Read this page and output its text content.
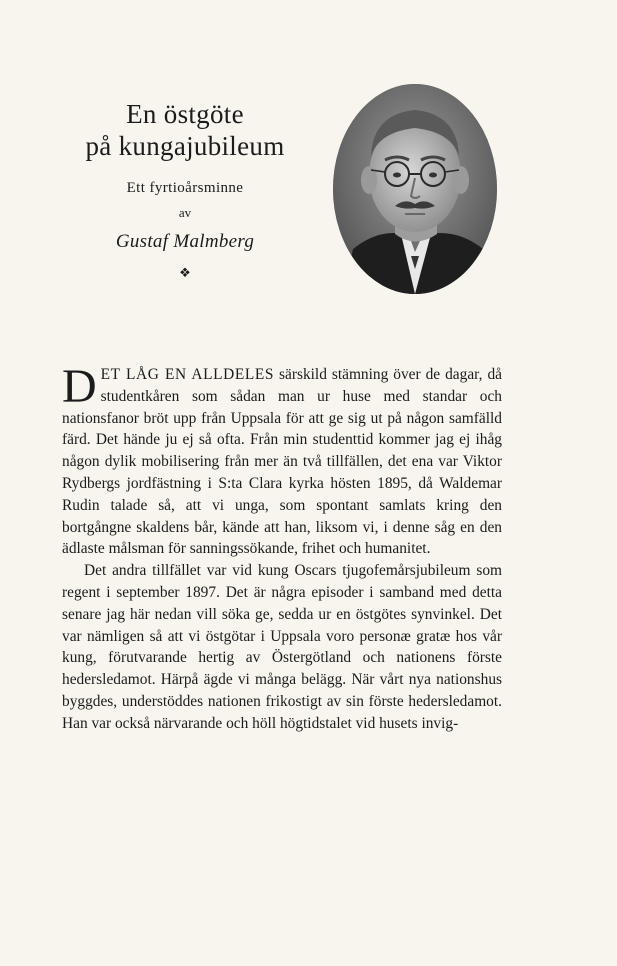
En östgöte
på kungajubileum
Ett fyrtioårsminne
av
Gustaf Malmberg
❖

DET LÅG EN ALLDELES särskild stämning över de dagar, då studentkåren som sådan man ur huse med standar och nationsfanor bröt upp från Uppsala för att ge sig ut på någon samfälld färd. Det hände ju ej så ofta. Från min studenttid kommer jag ej ihåg någon dylik mobilisering från mer än två tillfällen, det ena var Viktor Rydbergs jordfästning i S:ta Clara kyrka hösten 1895, då Waldemar Rudin talade så, att vi unga, som spontant samlats kring den bortgångne skaldens bår, kände att han, liksom vi, i denne såg en den ädlaste målsman för sanningssökande, frihet och humanitet.

Det andra tillfället var vid kung Oscars tjugofemårsjubileum som regent i september 1897. Det är några episoder i samband med detta senare jag här nedan vill söka ge, sedda ur en östgötes synvinkel. Det var nämligen så att vi östgötar i Uppsala voro personæ gratæ hos vår kung, förutvarande hertig av Östergötland och nationens förste hedersledamot. Härpå ägde vi många belägg. När vårt nya nationshus byggdes, understöddes nationen frikostigt av sin förste hedersledamot. Han var också närvarande och höll högtidstalet vid husets invig-
